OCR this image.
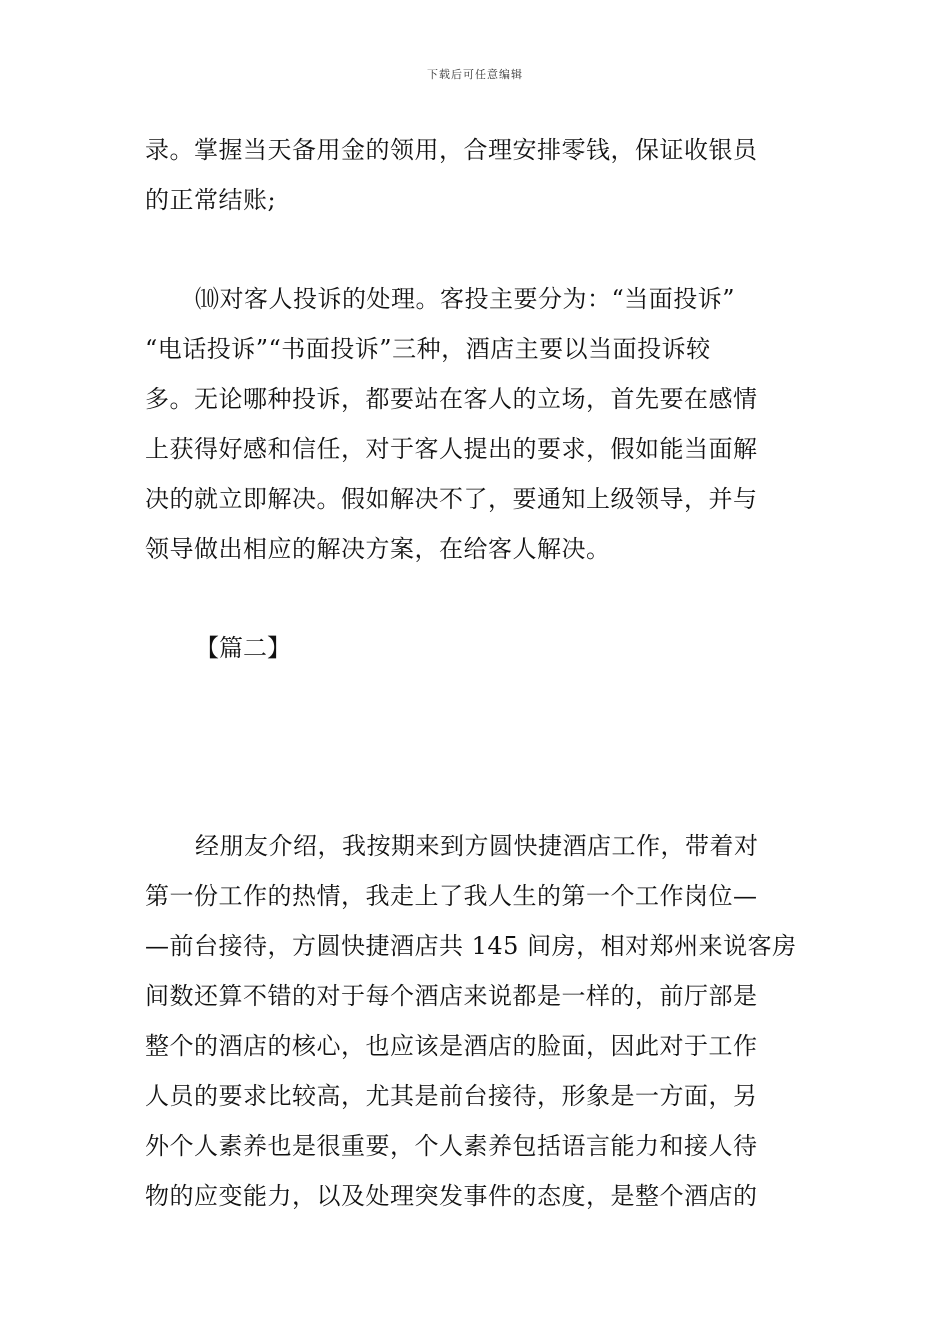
下载后可任意编辑
录。掌握当天备用金的领用，合理安排零钱，保证收银员
的正常结账;
⑽对客人投诉的处理。客投主要分为：“当面投诉”
“电话投诉”“书面投诉”三种，酒店主要以当面投诉较
多。无论哪种投诉，都要站在客人的立场，首先要在感情
上获得好感和信任，对于客人提出的要求，假如能当面解
决的就立即解决。假如解决不了，要通知上级领导，并与
领导做出相应的解决方案，在给客人解决。
【篇二】
经朋友介绍，我按期来到方圆快捷酒店工作，带着对
第一份工作的热情，我走上了我人生的第一个工作岗位—
—前台接待，方圆快捷酒店共 145 间房，相对郑州来说客房
间数还算不错的对于每个酒店来说都是一样的，前厅部是
整个的酒店的核心，也应该是酒店的脸面，因此对于工作
人员的要求比较高，尤其是前台接待，形象是一方面，另
外个人素养也是很重要，个人素养包括语言能力和接人待
物的应变能力，以及处理突发事件的态度，是整个酒店的
